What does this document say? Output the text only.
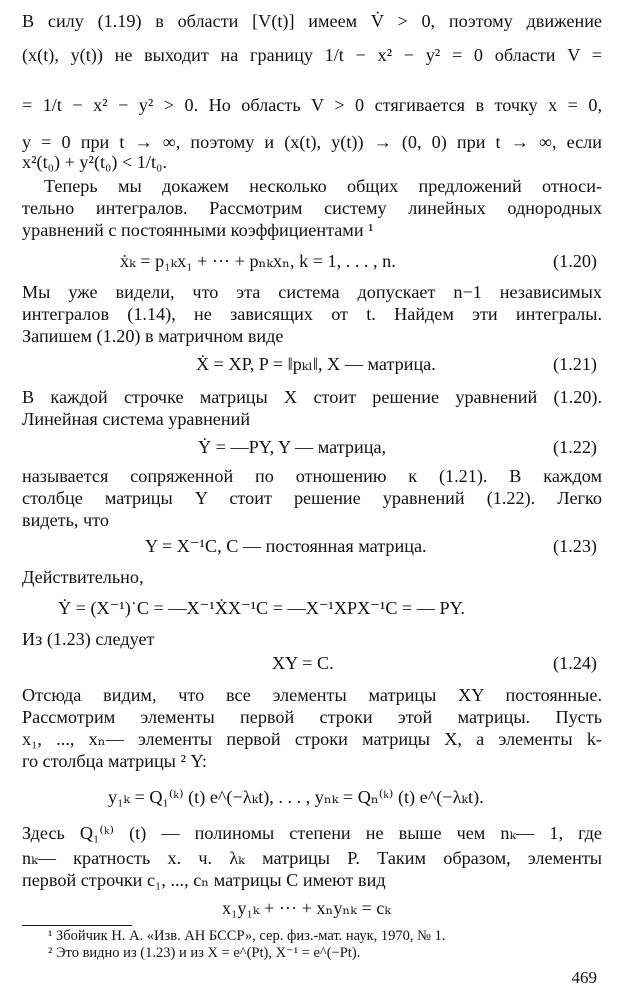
В силу (1.19) в области [V(t)] имеем V̇ > 0, поэтому движение
(x(t), y(t)) не выходит на границу 1/t − x² − y² = 0 области V =
= 1/t − x² − y² > 0. Но область V > 0 стягивается в точку x = 0,
y = 0 при t → ∞, поэтому и (x(t), y(t)) → (0, 0) при t → ∞, если
x²(t₀) + y²(t₀) < 1/t₀.
Теперь мы докажем несколько общих предложений относи-
тельно интегралов. Рассмотрим систему линейных однородных
уравнений с постоянными коэффициентами ¹
ẋₖ = p₁ₖx₁ + ··· + pₙₖxₙ, k = 1, . . . , n.	(1.20)
Мы уже видели, что эта система допускает n−1 независимых
интегралов (1.14), не зависящих от t. Найдем эти интегралы.
Запишем (1.20) в матричном виде
Ẋ = XP, P = ‖pₖₗ‖, X — матрица.	(1.21)
В каждой строчке матрицы X стоит решение уравнений (1.20).
Линейная система уравнений
Ẏ = —PY, Y — матрица,	(1.22)
называется сопряженной по отношению к (1.21). В каждом
столбце матрицы Y стоит решение уравнений (1.22). Легко
видеть, что
Y = X⁻¹C, C — постоянная матрица.	(1.23)
Действительно,
Ẏ = (X⁻¹)˙C = —X⁻¹ẊX⁻¹C = —X⁻¹XPX⁻¹C = — PY.
Из (1.23) следует
XY = C.	(1.24)
Отсюда видим, что все элементы матрицы XY постоянные.
Рассмотрим элементы первой строки этой матрицы. Пусть
x₁, ..., xₙ— элементы первой строки матрицы X, а элементы k-
го столбца матрицы ² Y:
y₁ₖ = Q₁⁽ᵏ⁾ (t) e^(−λₖt), . . . , yₙₖ = Qₙ⁽ᵏ⁾ (t) e^(−λₖt).
Здесь Q₁⁽ᵏ⁾ (t) — полиномы степени не выше чем nₖ— 1, где
nₖ— кратность х. ч. λₖ матрицы P. Таким образом, элементы
первой строчки c₁, ..., cₙ матрицы C имеют вид
x₁y₁ₖ + ··· + xₙyₙₖ = cₖ
¹ Збойчик Н. А. «Изв. АН БССР», сер. физ.-мат. наук, 1970, № 1.
² Это видно из (1.23) и из X = e^(Pt), X⁻¹ = e^(−Pt).
469
